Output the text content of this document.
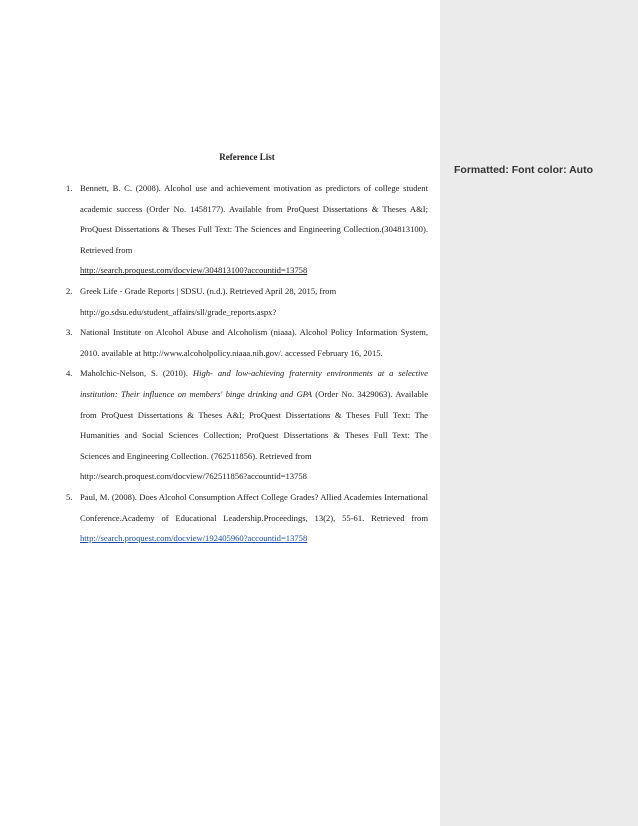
Formatted: Font color: Auto
Reference List
1. Bennett, B. C. (2008). Alcohol use and achievement motivation as predictors of college student academic success (Order No. 1458177). Available from ProQuest Dissertations & Theses A&I; ProQuest Dissertations & Theses Full Text: The Sciences and Engineering Collection.(304813100). Retrieved from
http://search.proquest.com/docview/304813100?accountid=13758
2. Greek Life - Grade Reports | SDSU. (n.d.). Retrieved April 28, 2015, from
http://go.sdsu.edu/student_affairs/sll/grade_reports.aspx?
3. National Institute on Alcohol Abuse and Alcoholism (niaaa). Alcohol Policy Information System, 2010. available at http://www.alcoholpolicy.niaaa.nih.gov/. accessed February 16, 2015.
4. Maholchic-Nelson, S. (2010). High- and low-achieving fraternity environments at a selective institution: Their influence on members' binge drinking and GPA (Order No. 3429063). Available from ProQuest Dissertations & Theses A&I; ProQuest Dissertations & Theses Full Text: The Humanities and Social Sciences Collection; ProQuest Dissertations & Theses Full Text: The Sciences and Engineering Collection. (762511856). Retrieved from
http://search.proquest.com/docview/762511856?accountid=13758
5. Paul, M. (2008). Does Alcohol Consumption Affect College Grades? Allied Academies International Conference.Academy of Educational Leadership.Proceedings, 13(2), 55-61. Retrieved from http://search.proquest.com/docview/192405960?accountid=13758
